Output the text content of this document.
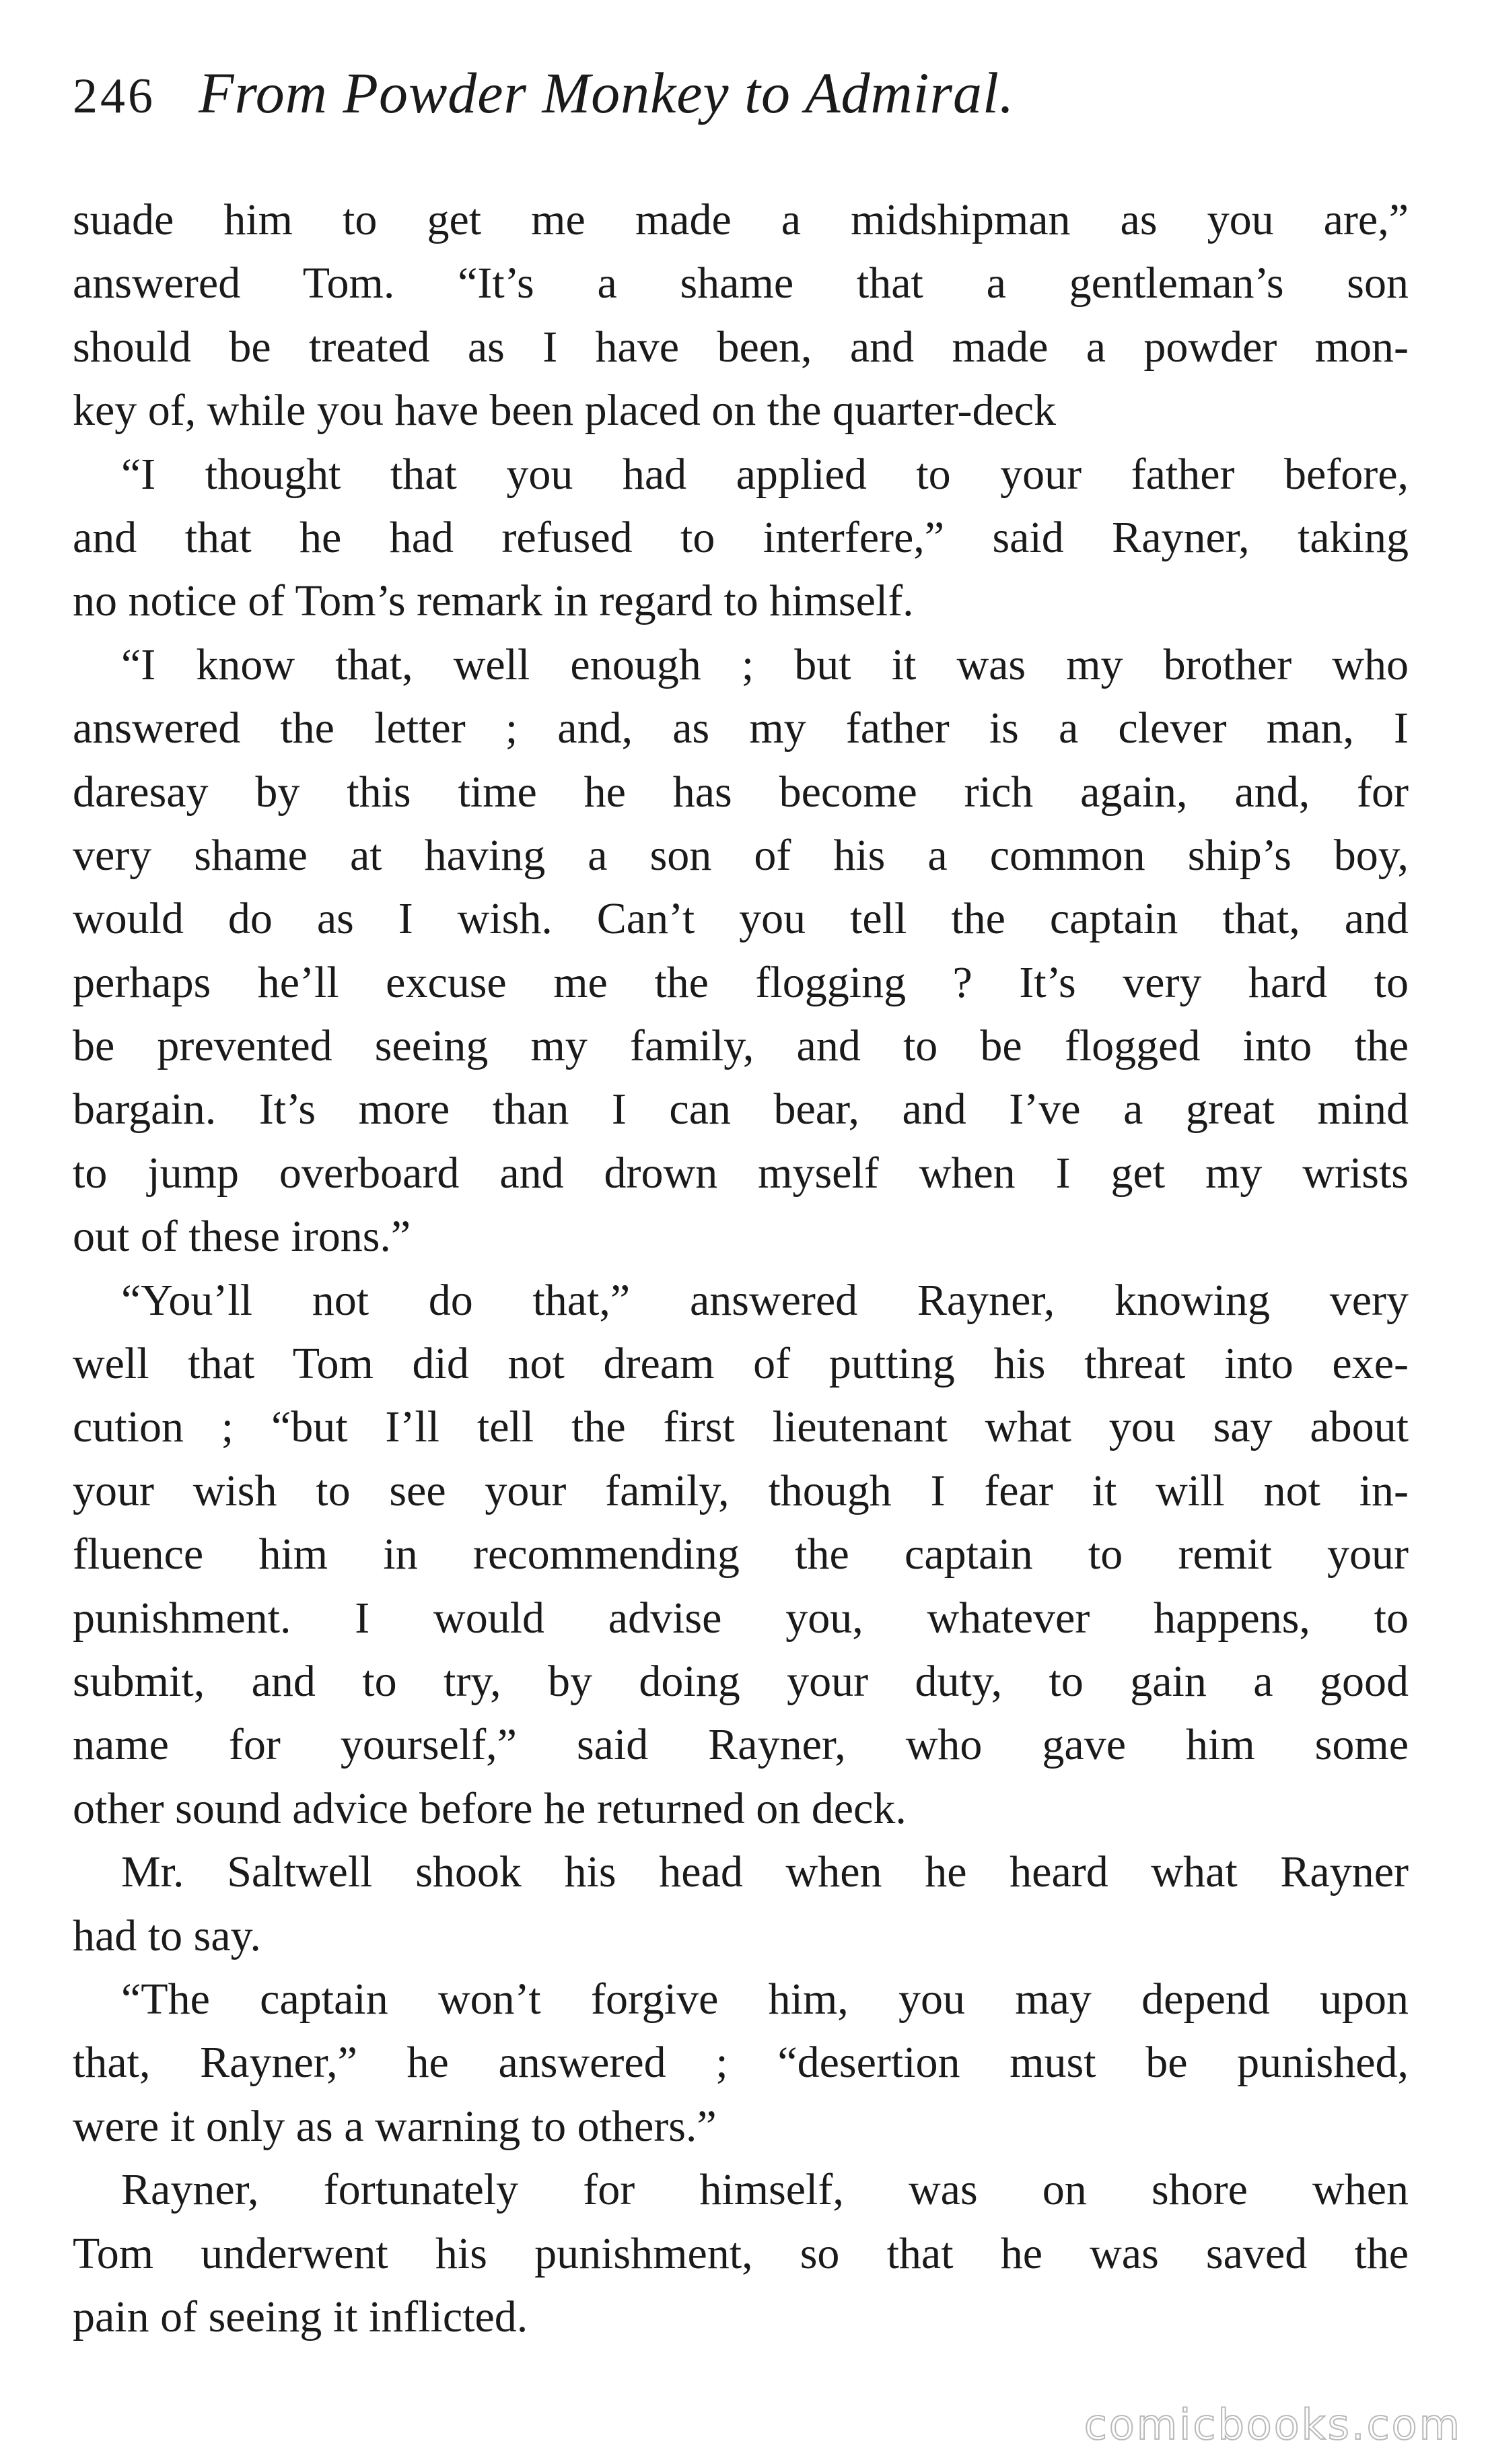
246 From Powder Monkey to Admiral.
suade him to get me made a midshipman as you are,”
answered Tom. “It’s a shame that a gentleman’s son
should be treated as I have been, and made a powder mon-
key of, while you have been placed on the quarter-deck
“I thought that you had applied to your father before,
and that he had refused to interfere,” said Rayner, taking
no notice of Tom’s remark in regard to himself.
“I know that, well enough ; but it was my brother who
answered the letter ; and, as my father is a clever man, I
daresay by this time he has become rich again, and, for
very shame at having a son of his a common ship’s boy,
would do as I wish. Can’t you tell the captain that, and
perhaps he’ll excuse me the flogging ? It’s very hard to
be prevented seeing my family, and to be flogged into the
bargain. It’s more than I can bear, and I’ve a great mind
to jump overboard and drown myself when I get my wrists
out of these irons.”
“You’ll not do that,” answered Rayner, knowing very
well that Tom did not dream of putting his threat into exe-
cution ; “but I’ll tell the first lieutenant what you say about
your wish to see your family, though I fear it will not in-
fluence him in recommending the captain to remit your
punishment. I would advise you, whatever happens, to
submit, and to try, by doing your duty, to gain a good
name for yourself,” said Rayner, who gave him some
other sound advice before he returned on deck.
Mr. Saltwell shook his head when he heard what Rayner
had to say.
“The captain won’t forgive him, you may depend upon
that, Rayner,” he answered ; “desertion must be punished,
were it only as a warning to others.”
Rayner, fortunately for himself, was on shore when
Tom underwent his punishment, so that he was saved the
pain of seeing it inflicted.
comicbooks.com
